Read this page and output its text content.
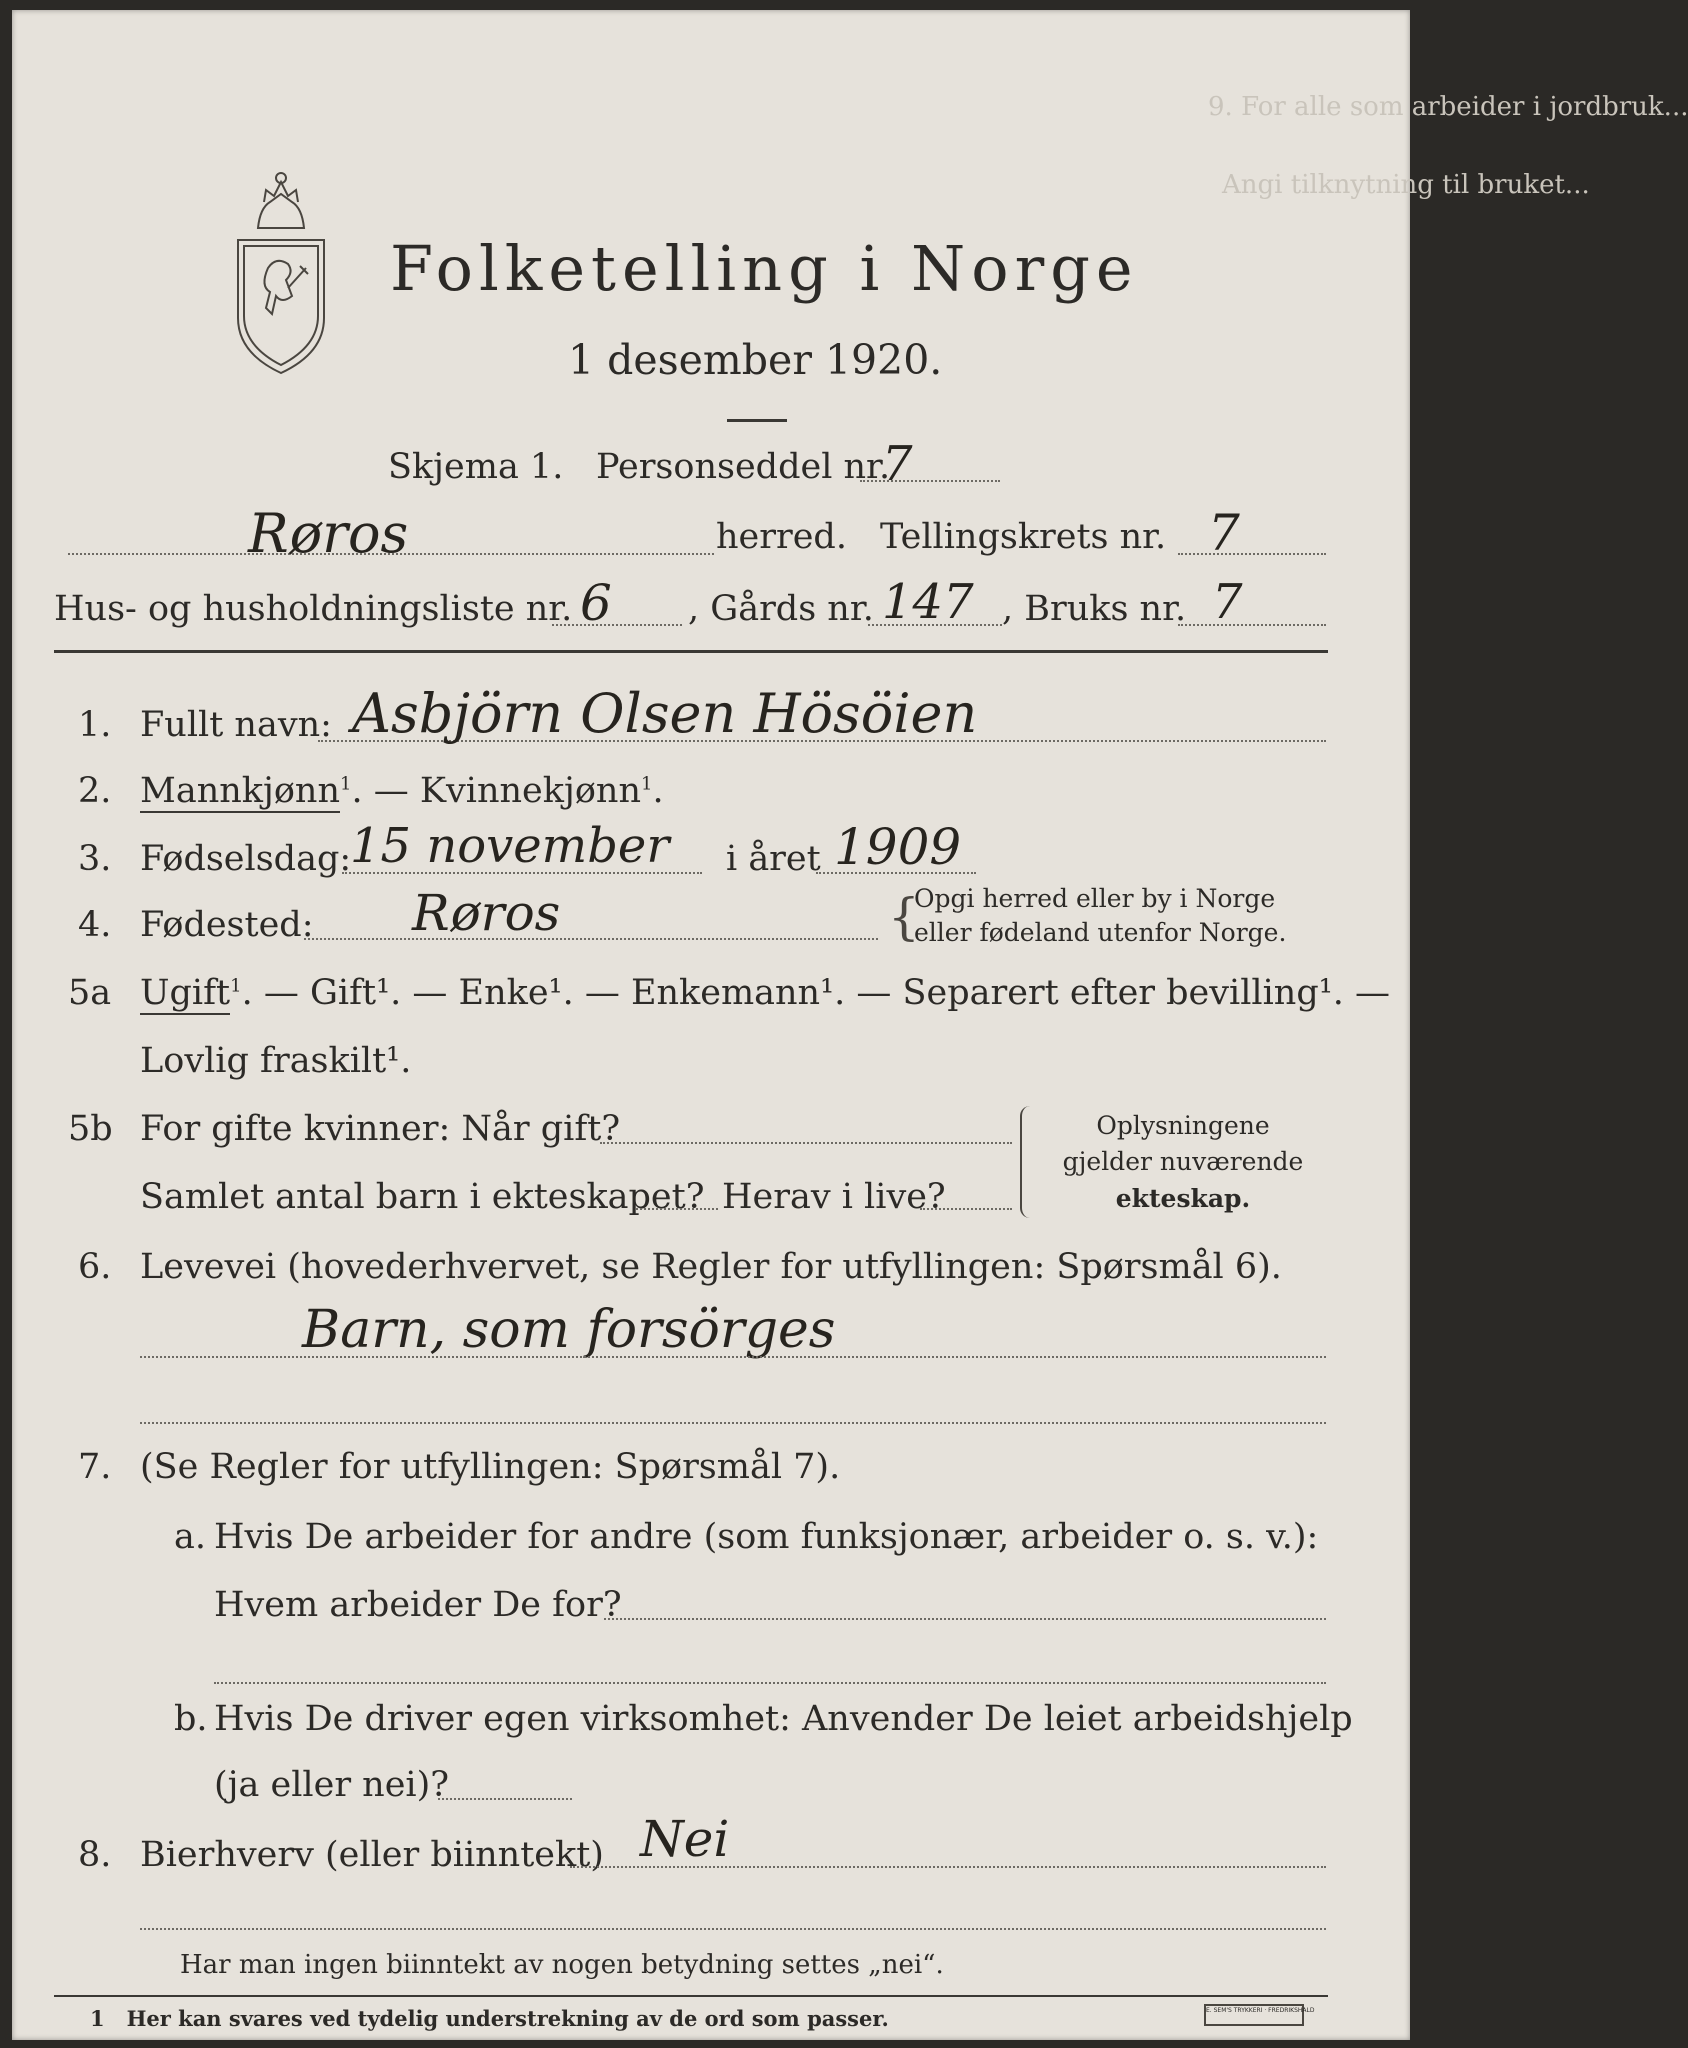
Folketelling i Norge
1 desember 1920.
Skjema 1. Personseddel nr.
7
Røros	herred. Tellingskrets nr. 7
Hus- og husholdningsliste nr. 6 , Gårds nr. 147 , Bruks nr. 7
1. Fullt navn: Asbjörn Olsen Hösöien
2. Mannkjønn$^1$. — Kvinnekjønn$^1$.
3. Fødselsdag:
15 november i året 1909
4. Fødested: Røros	{
Opgi herred eller by i Norge
eller fødeland utenfor Norge.
5a Ugift$^1$. — Gift¹. — Enke¹. — Enkemann¹. — Separert efter bevilling¹. —
Lovlig fraskilt¹.
5b For gifte kvinner: Når gift?
Samlet antal barn i ekteskapet? Herav i live?
Oplysningene
gjelder nuværende
ekteskap.
6. Levevei (hovederhvervet, se Regler for utfyllingen: Spørsmål 6).
Barn, som forsörges
7. (Se Regler for utfyllingen: Spørsmål 7).
a. Hvis De arbeider for andre (som funksjonær, arbeider o. s. v.):
Hvem arbeider De for?
b. Hvis De driver egen virksomhet: Anvender De leiet arbeidshjelp
(ja eller nei)?
8. Bierhverv (eller biinntekt) Nei
Har man ingen biinntekt av nogen betydning settes „nei“.
1 Her kan svares ved tydelig understrekning av de ord som passer.	E. SEM'S TRYKKERI · FREDRIKSHALD
9. For alle som arbeider i jordbruk...
Angi tilknytning til bruket...
